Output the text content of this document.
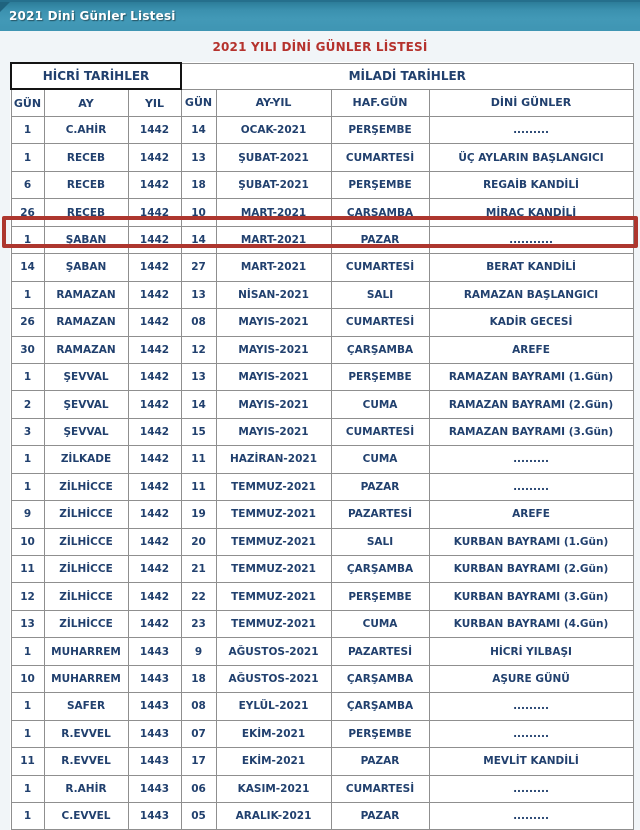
2021 Dini Günler Listesi
2021 YILI DİNİ GÜNLER LİSTESİ
HİCRİ TARİHLER			MİLADİ TARİHLER			
GÜN	AY	YIL	GÜN	AY-YIL	HAF.GÜN	DİNİ GÜNLER
1	C.AHİR	1442	14	OCAK-2021	PERŞEMBE	.........
1	RECEB	1442	13	ŞUBAT-2021	CUMARTESİ	ÜÇ AYLARIN BAŞLANGICI
6	RECEB	1442	18	ŞUBAT-2021	PERŞEMBE	REGAİB KANDİLİ
26	RECEB	1442	10	MART-2021	ÇARŞAMBA	MİRAC KANDİLİ
1	ŞABAN	1442	14	MART-2021	PAZAR	...........
14	ŞABAN	1442	27	MART-2021	CUMARTESİ	BERAT KANDİLİ
1	RAMAZAN	1442	13	NİSAN-2021	SALI	RAMAZAN BAŞLANGICI
26	RAMAZAN	1442	08	MAYIS-2021	CUMARTESİ	KADİR GECESİ
30	RAMAZAN	1442	12	MAYIS-2021	ÇARŞAMBA	AREFE
1	ŞEVVAL	1442	13	MAYIS-2021	PERŞEMBE	RAMAZAN BAYRAMI (1.Gün)
2	ŞEVVAL	1442	14	MAYIS-2021	CUMA	RAMAZAN BAYRAMI (2.Gün)
3	ŞEVVAL	1442	15	MAYIS-2021	CUMARTESİ	RAMAZAN BAYRAMI (3.Gün)
1	ZİLKADE	1442	11	HAZİRAN-2021	CUMA	.........
1	ZİLHİCCE	1442	11	TEMMUZ-2021	PAZAR	.........
9	ZİLHİCCE	1442	19	TEMMUZ-2021	PAZARTESİ	AREFE
10	ZİLHİCCE	1442	20	TEMMUZ-2021	SALI	KURBAN BAYRAMI (1.Gün)
11	ZİLHİCCE	1442	21	TEMMUZ-2021	ÇARŞAMBA	KURBAN BAYRAMI (2.Gün)
12	ZİLHİCCE	1442	22	TEMMUZ-2021	PERŞEMBE	KURBAN BAYRAMI (3.Gün)
13	ZİLHİCCE	1442	23	TEMMUZ-2021	CUMA	KURBAN BAYRAMI (4.Gün)
1	MUHARREM	1443	9	AĞUSTOS-2021	PAZARTESİ	HİCRİ YILBAŞI
10	MUHARREM	1443	18	AĞUSTOS-2021	ÇARŞAMBA	AŞURE GÜNÜ
1	SAFER	1443	08	EYLÜL-2021	ÇARŞAMBA	.........
1	R.EVVEL	1443	07	EKİM-2021	PERŞEMBE	.........
11	R.EVVEL	1443	17	EKİM-2021	PAZAR	MEVLİT KANDİLİ
1	R.AHİR	1443	06	KASIM-2021	CUMARTESİ	.........
1	C.EVVEL	1443	05	ARALIK-2021	PAZAR	.........
